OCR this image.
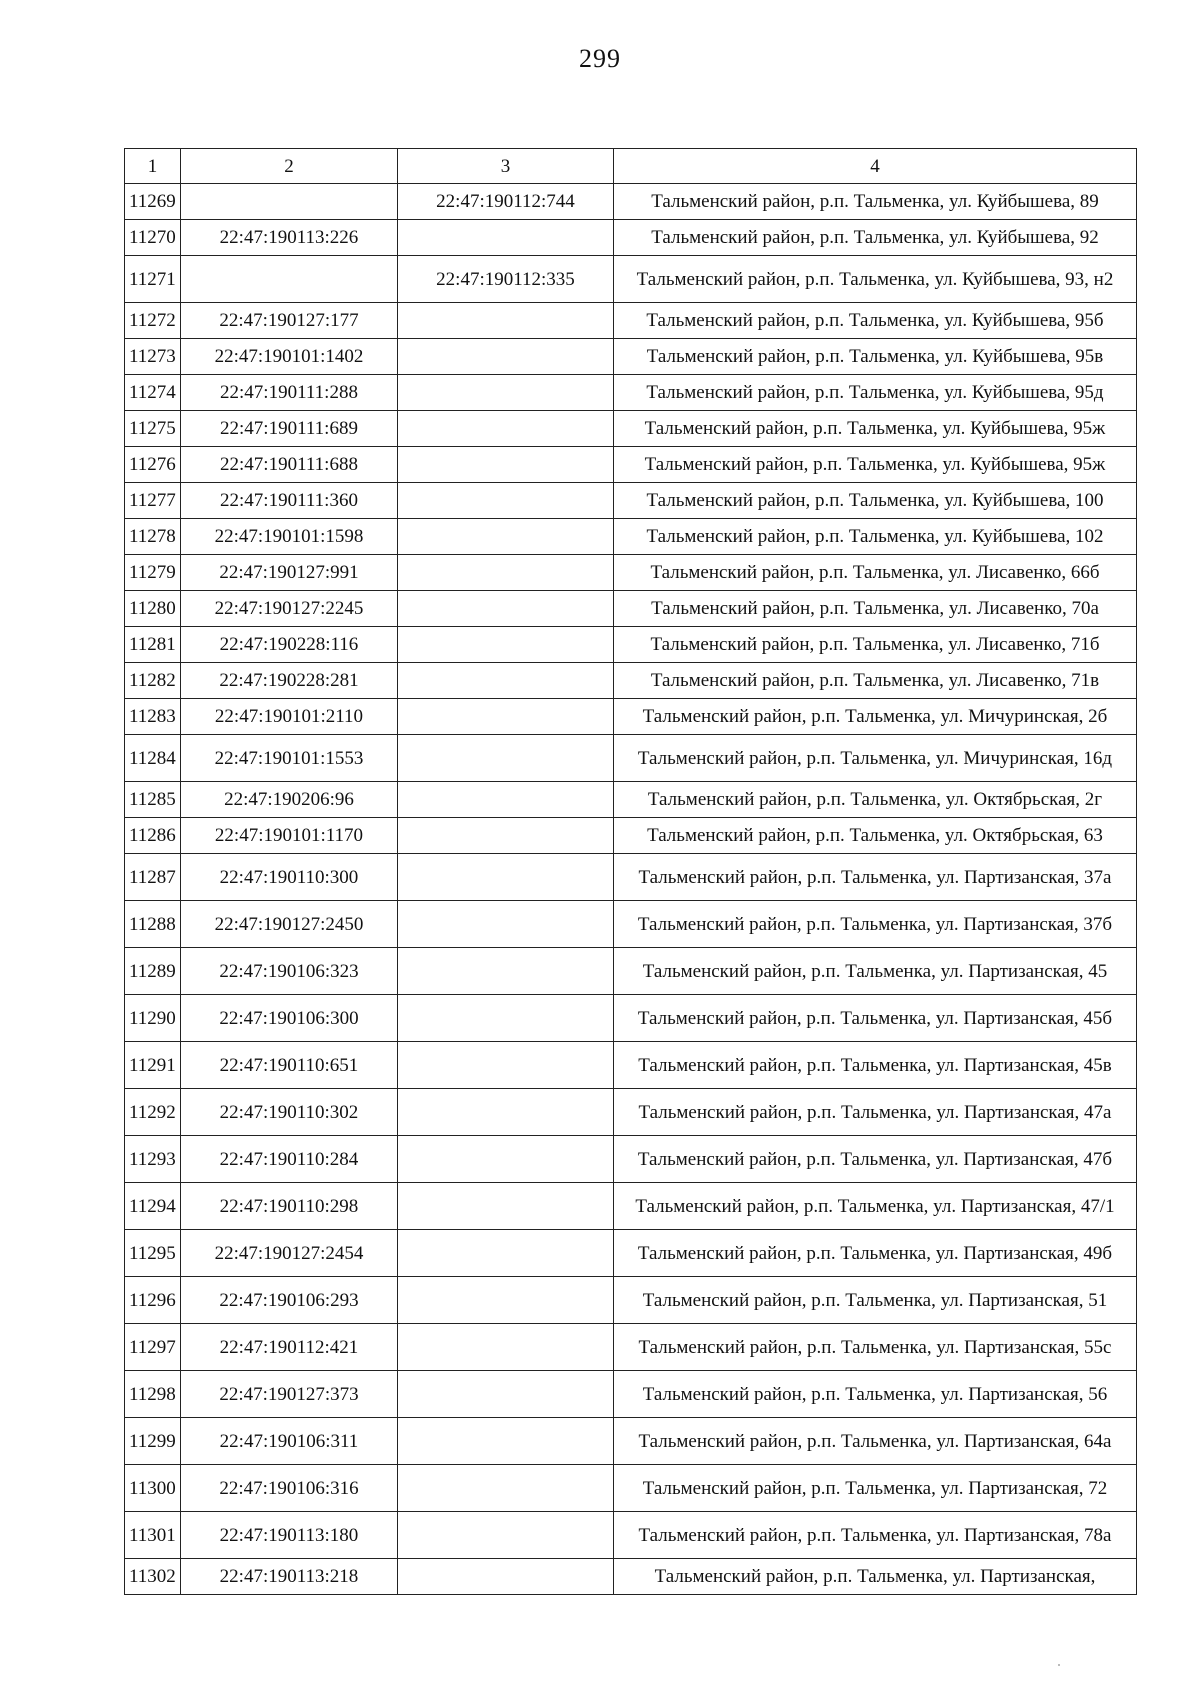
299
1	2	3	4
11269		22:47:190112:744	Тальменский район, р.п. Тальменка, ул. Куйбышева, 89
11270	22:47:190113:226		Тальменский район, р.п. Тальменка, ул. Куйбышева, 92
11271		22:47:190112:335	Тальменский район, р.п. Тальменка, ул. Куйбышева, 93, н2
11272	22:47:190127:177		Тальменский район, р.п. Тальменка, ул. Куйбышева, 95б
11273	22:47:190101:1402		Тальменский район, р.п. Тальменка, ул. Куйбышева, 95в
11274	22:47:190111:288		Тальменский район, р.п. Тальменка, ул. Куйбышева, 95д
11275	22:47:190111:689		Тальменский район, р.п. Тальменка, ул. Куйбышева, 95ж
11276	22:47:190111:688		Тальменский район, р.п. Тальменка, ул. Куйбышева, 95ж
11277	22:47:190111:360		Тальменский район, р.п. Тальменка, ул. Куйбышева, 100
11278	22:47:190101:1598		Тальменский район, р.п. Тальменка, ул. Куйбышева, 102
11279	22:47:190127:991		Тальменский район, р.п. Тальменка, ул. Лисавенко, 66б
11280	22:47:190127:2245		Тальменский район, р.п. Тальменка, ул. Лисавенко, 70а
11281	22:47:190228:116		Тальменский район, р.п. Тальменка, ул. Лисавенко, 71б
11282	22:47:190228:281		Тальменский район, р.п. Тальменка, ул. Лисавенко, 71в
11283	22:47:190101:2110		Тальменский район, р.п. Тальменка, ул. Мичуринская, 2б
11284	22:47:190101:1553		Тальменский район, р.п. Тальменка, ул. Мичуринская, 16д
11285	22:47:190206:96		Тальменский район, р.п. Тальменка, ул. Октябрьская, 2г
11286	22:47:190101:1170		Тальменский район, р.п. Тальменка, ул. Октябрьская, 63
11287	22:47:190110:300		Тальменский район, р.п. Тальменка, ул. Партизанская, 37а
11288	22:47:190127:2450		Тальменский район, р.п. Тальменка, ул. Партизанская, 37б
11289	22:47:190106:323		Тальменский район, р.п. Тальменка, ул. Партизанская, 45
11290	22:47:190106:300		Тальменский район, р.п. Тальменка, ул. Партизанская, 45б
11291	22:47:190110:651		Тальменский район, р.п. Тальменка, ул. Партизанская, 45в
11292	22:47:190110:302		Тальменский район, р.п. Тальменка, ул. Партизанская, 47а
11293	22:47:190110:284		Тальменский район, р.п. Тальменка, ул. Партизанская, 47б
11294	22:47:190110:298		Тальменский район, р.п. Тальменка, ул. Партизанская, 47/1
11295	22:47:190127:2454		Тальменский район, р.п. Тальменка, ул. Партизанская, 49б
11296	22:47:190106:293		Тальменский район, р.п. Тальменка, ул. Партизанская, 51
11297	22:47:190112:421		Тальменский район, р.п. Тальменка, ул. Партизанская, 55с
11298	22:47:190127:373		Тальменский район, р.п. Тальменка, ул. Партизанская, 56
11299	22:47:190106:311		Тальменский район, р.п. Тальменка, ул. Партизанская, 64а
11300	22:47:190106:316		Тальменский район, р.п. Тальменка, ул. Партизанская, 72
11301	22:47:190113:180		Тальменский район, р.п. Тальменка, ул. Партизанская, 78а
11302	22:47:190113:218		Тальменский район, р.п. Тальменка, ул. Партизанская,
